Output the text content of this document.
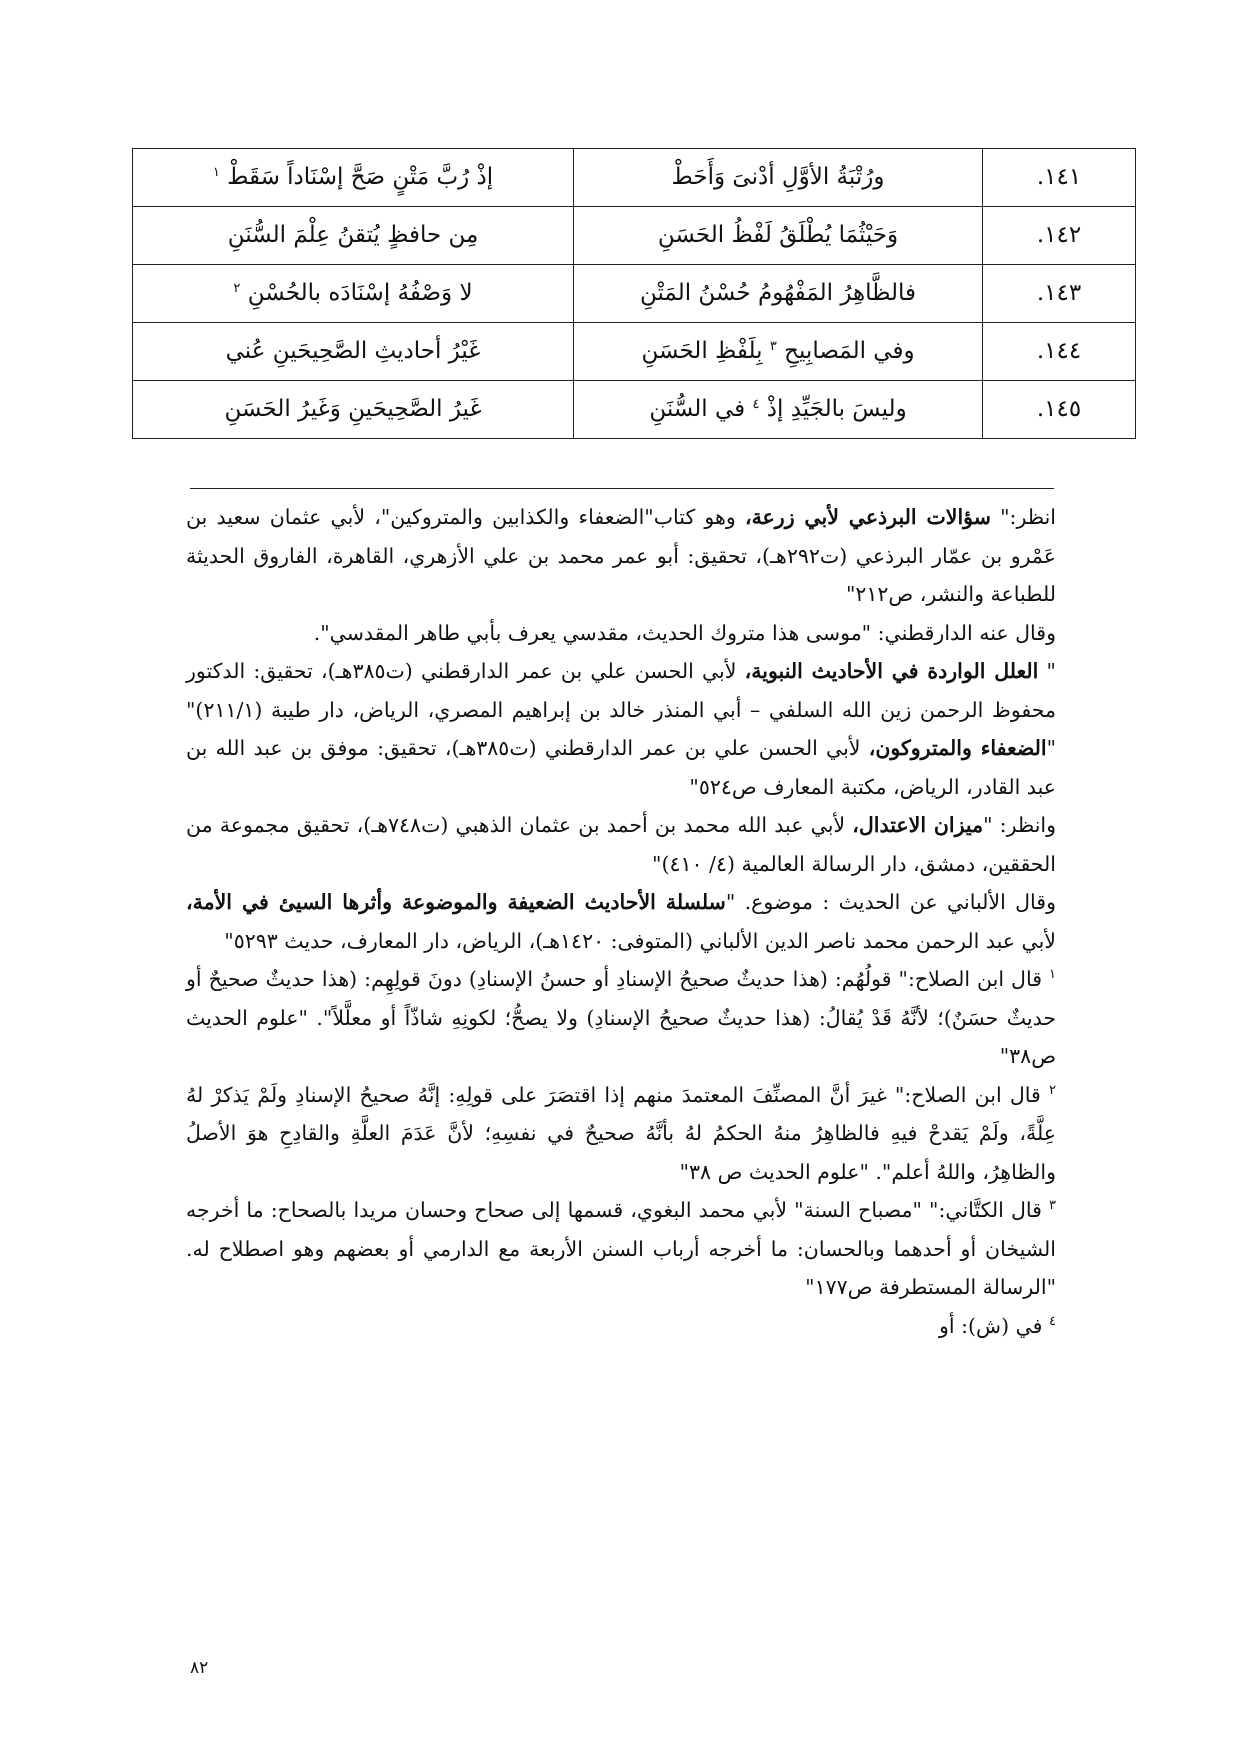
١٤١.	ورُتْبَةُ الأوَّلِ أدْنىَ وَأَحَطْ	إذْ رُبَّ مَتْنٍ صَحَّ إسْنَاداً سَقَطْ $^١$
١٤٢.	وَحَيْثُمَا يُطْلَقُ لَفْظُ الحَسَنِ	مِن حافظٍ يُتقنُ عِلْمَ السُّنَنِ
١٤٣.	فالظَّاهِرُ المَفْهُومُ حُسْنُ المَتْنِ	لا وَصْفُهُ إسْنَادَه بالحُسْنِ $^٢$
١٤٤.	وفي المَصابِيحِ $^٣$ بِلَفْظِ الحَسَنِ	غَيْرُ أحاديثِ الصَّحِيحَينِ عُني
١٤٥.	وليسَ بالجَيِّدِ إذْ $^٤$ في السُّنَنِ	غَيرُ الصَّحِيحَينِ وَغَيرُ الحَسَنِ

انظر:" سؤالات البرذعي لأبي زرعة، وهو كتاب"الضعفاء والكذابين والمتروكين"، لأبي عثمان سعيد بن عَمْرو بن عمّار البرذعي (ت٢٩٢هـ)، تحقيق: أبو عمر محمد بن علي الأزهري، القاهرة، الفاروق الحديثة للطباعة والنشر، ص٢١٢"

وقال عنه الدارقطني: "موسى هذا متروك الحديث، مقدسي يعرف بأبي طاهر المقدسي".

" العلل الواردة في الأحاديث النبوية، لأبي الحسن علي بن عمر الدارقطني (ت٣٨٥هـ)، تحقيق: الدكتور محفوظ الرحمن زين الله السلفي – أبي المنذر خالد بن إبراهيم المصري، الرياض، دار طيبة (٢١١/١)" "الضعفاء والمتروكون، لأبي الحسن علي بن عمر الدارقطني (ت٣٨٥هـ)، تحقيق: موفق بن عبد الله بن عبد القادر، الرياض، مكتبة المعارف ص٥٢٤"

وانظر: "ميزان الاعتدال، لأبي عبد الله محمد بن أحمد بن عثمان الذهبي (ت٧٤٨هـ)، تحقيق مجموعة من الحققين، دمشق، دار الرسالة العالمية (٤/ ٤١٠)"

وقال الألباني عن الحديث : موضوع. "سلسلة الأحاديث الضعيفة والموضوعة وأثرها السيئ في الأمة، لأبي عبد الرحمن محمد ناصر الدين الألباني (المتوفى: ١٤٢٠هـ)، الرياض، دار المعارف، حديث ٥٢٩٣"

$^١$ قال ابن الصلاح:" قولُهُم: (هذا حديثٌ صحيحُ الإسنادِ أو حسنُ الإسنادِ) دونَ قولِهِم: (هذا حديثٌ صحيحٌ أو حديثٌ حسَنٌ)؛ لأنَّهُ قَدْ يُقالُ: (هذا حديثٌ صحيحُ الإسنادِ) ولا يصحُّ؛ لكونِهِ شاذّاً أو معلَّلاً". "علوم الحديث ص٣٨"

$^٢$ قال ابن الصلاح:" غيرَ أنَّ المصنِّفَ المعتمدَ منهم إذا اقتصَرَ على قولِهِ: إنَّهُ صحيحُ الإسنادِ ولَمْ يَذكرْ لهُ عِلَّةً، ولَمْ يَقدحْ فيهِ فالظاهِرُ منهُ الحكمُ لهُ بأنَّهُ صحيحٌ في نفسِهِ؛ لأنَّ عَدَمَ العلَّةِ والقادِحِ هوَ الأصلُ والظاهِرُ، واللهُ أعلم". "علوم الحديث ص ٣٨"

$^٣$ قال الكتَّاني:" "مصباح السنة" لأبي محمد البغوي، قسمها إلى صحاح وحسان مريدا بالصحاح: ما أخرجه الشيخان أو أحدهما وبالحسان: ما أخرجه أرباب السنن الأربعة مع الدارمي أو بعضهم وهو اصطلاح له. "الرسالة المستطرفة ص١٧٧"

$^٤$ في (ش): أو

٨٢
